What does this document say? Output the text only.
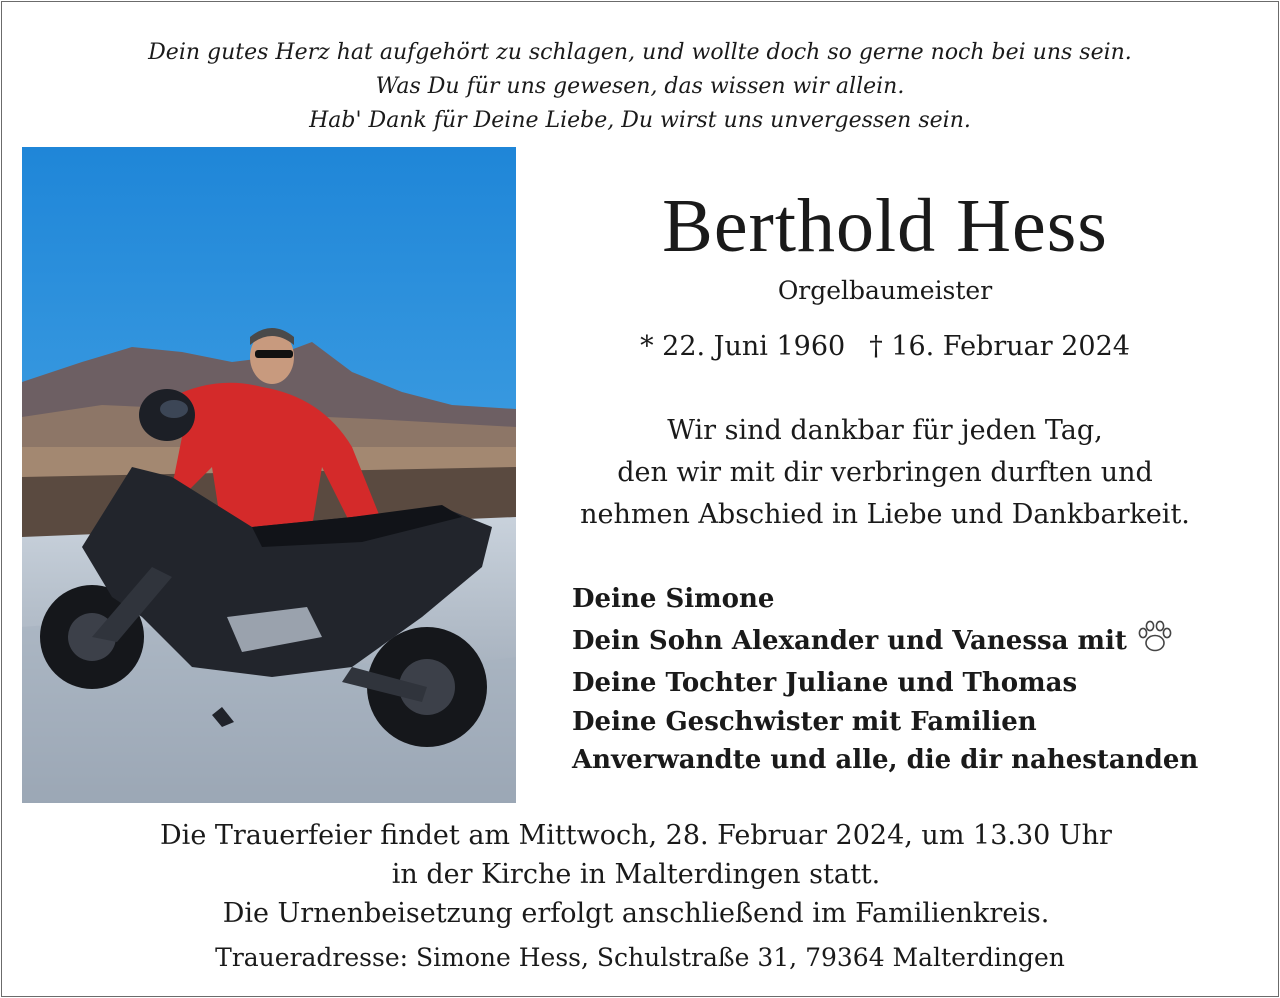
Dein gutes Herz hat aufgehört zu schlagen, und wollte doch so gerne noch bei uns sein.
Was Du für uns gewesen, das wissen wir allein.
Hab' Dank für Deine Liebe, Du wirst uns unvergessen sein.
Berthold Hess
Orgelbaumeister
* 22. Juni 1960 † 16. Februar 2024
Wir sind dankbar für jeden Tag,
den wir mit dir verbringen durften und
nehmen Abschied in Liebe und Dankbarkeit.
Deine Simone
Dein Sohn Alexander und Vanessa mit
Deine Tochter Juliane und Thomas
Deine Geschwister mit Familien
Anverwandte und alle, die dir nahestanden
Die Trauerfeier findet am Mittwoch, 28. Februar 2024, um 13.30 Uhr
in der Kirche in Malterdingen statt.
Die Urnenbeisetzung erfolgt anschließend im Familienkreis.
Traueradresse: Simone Hess, Schulstraße 31, 79364 Malterdingen
